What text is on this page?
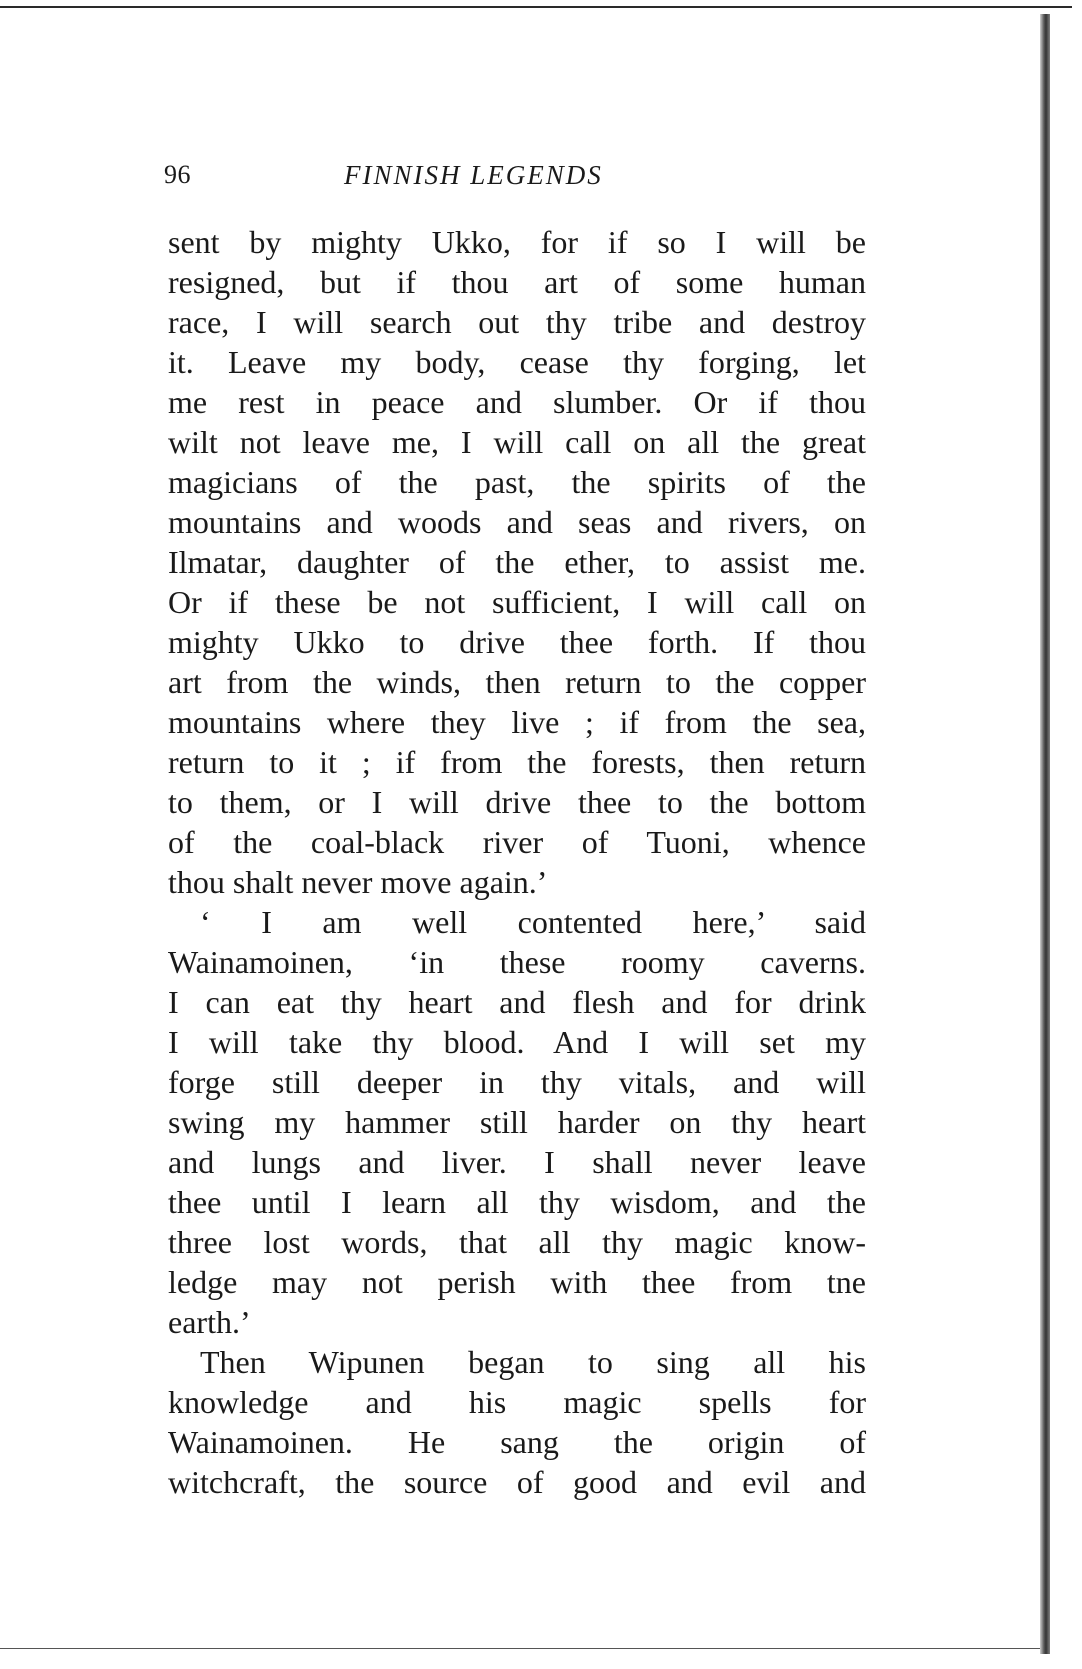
96	FINNISH LEGENDS
sent by mighty Ukko, for if so I will be
resigned, but if thou art of some human
race, I will search out thy tribe and destroy
it. Leave my body, cease thy forging, let
me rest in peace and slumber. Or if thou
wilt not leave me, I will call on all the great
magicians of the past, the spirits of the
mountains and woods and seas and rivers, on
Ilmatar, daughter of the ether, to assist me.
Or if these be not sufficient, I will call on
mighty Ukko to drive thee forth. If thou
art from the winds, then return to the copper
mountains where they live ; if from the sea,
return to it ; if from the forests, then return
to them, or I will drive thee to the bottom
of the coal-black river of Tuoni, whence
thou shalt never move again.’
‘ I am well contented here,’ said
Wainamoinen, ‘in these roomy caverns.
I can eat thy heart and flesh and for drink
I will take thy blood. And I will set my
forge still deeper in thy vitals, and will
swing my hammer still harder on thy heart
and lungs and liver. I shall never leave
thee until I learn all thy wisdom, and the
three lost words, that all thy magic know-
ledge may not perish with thee from tne
earth.’
Then Wipunen began to sing all his
knowledge and his magic spells for
Wainamoinen. He sang the origin of
witchcraft, the source of good and evil and
